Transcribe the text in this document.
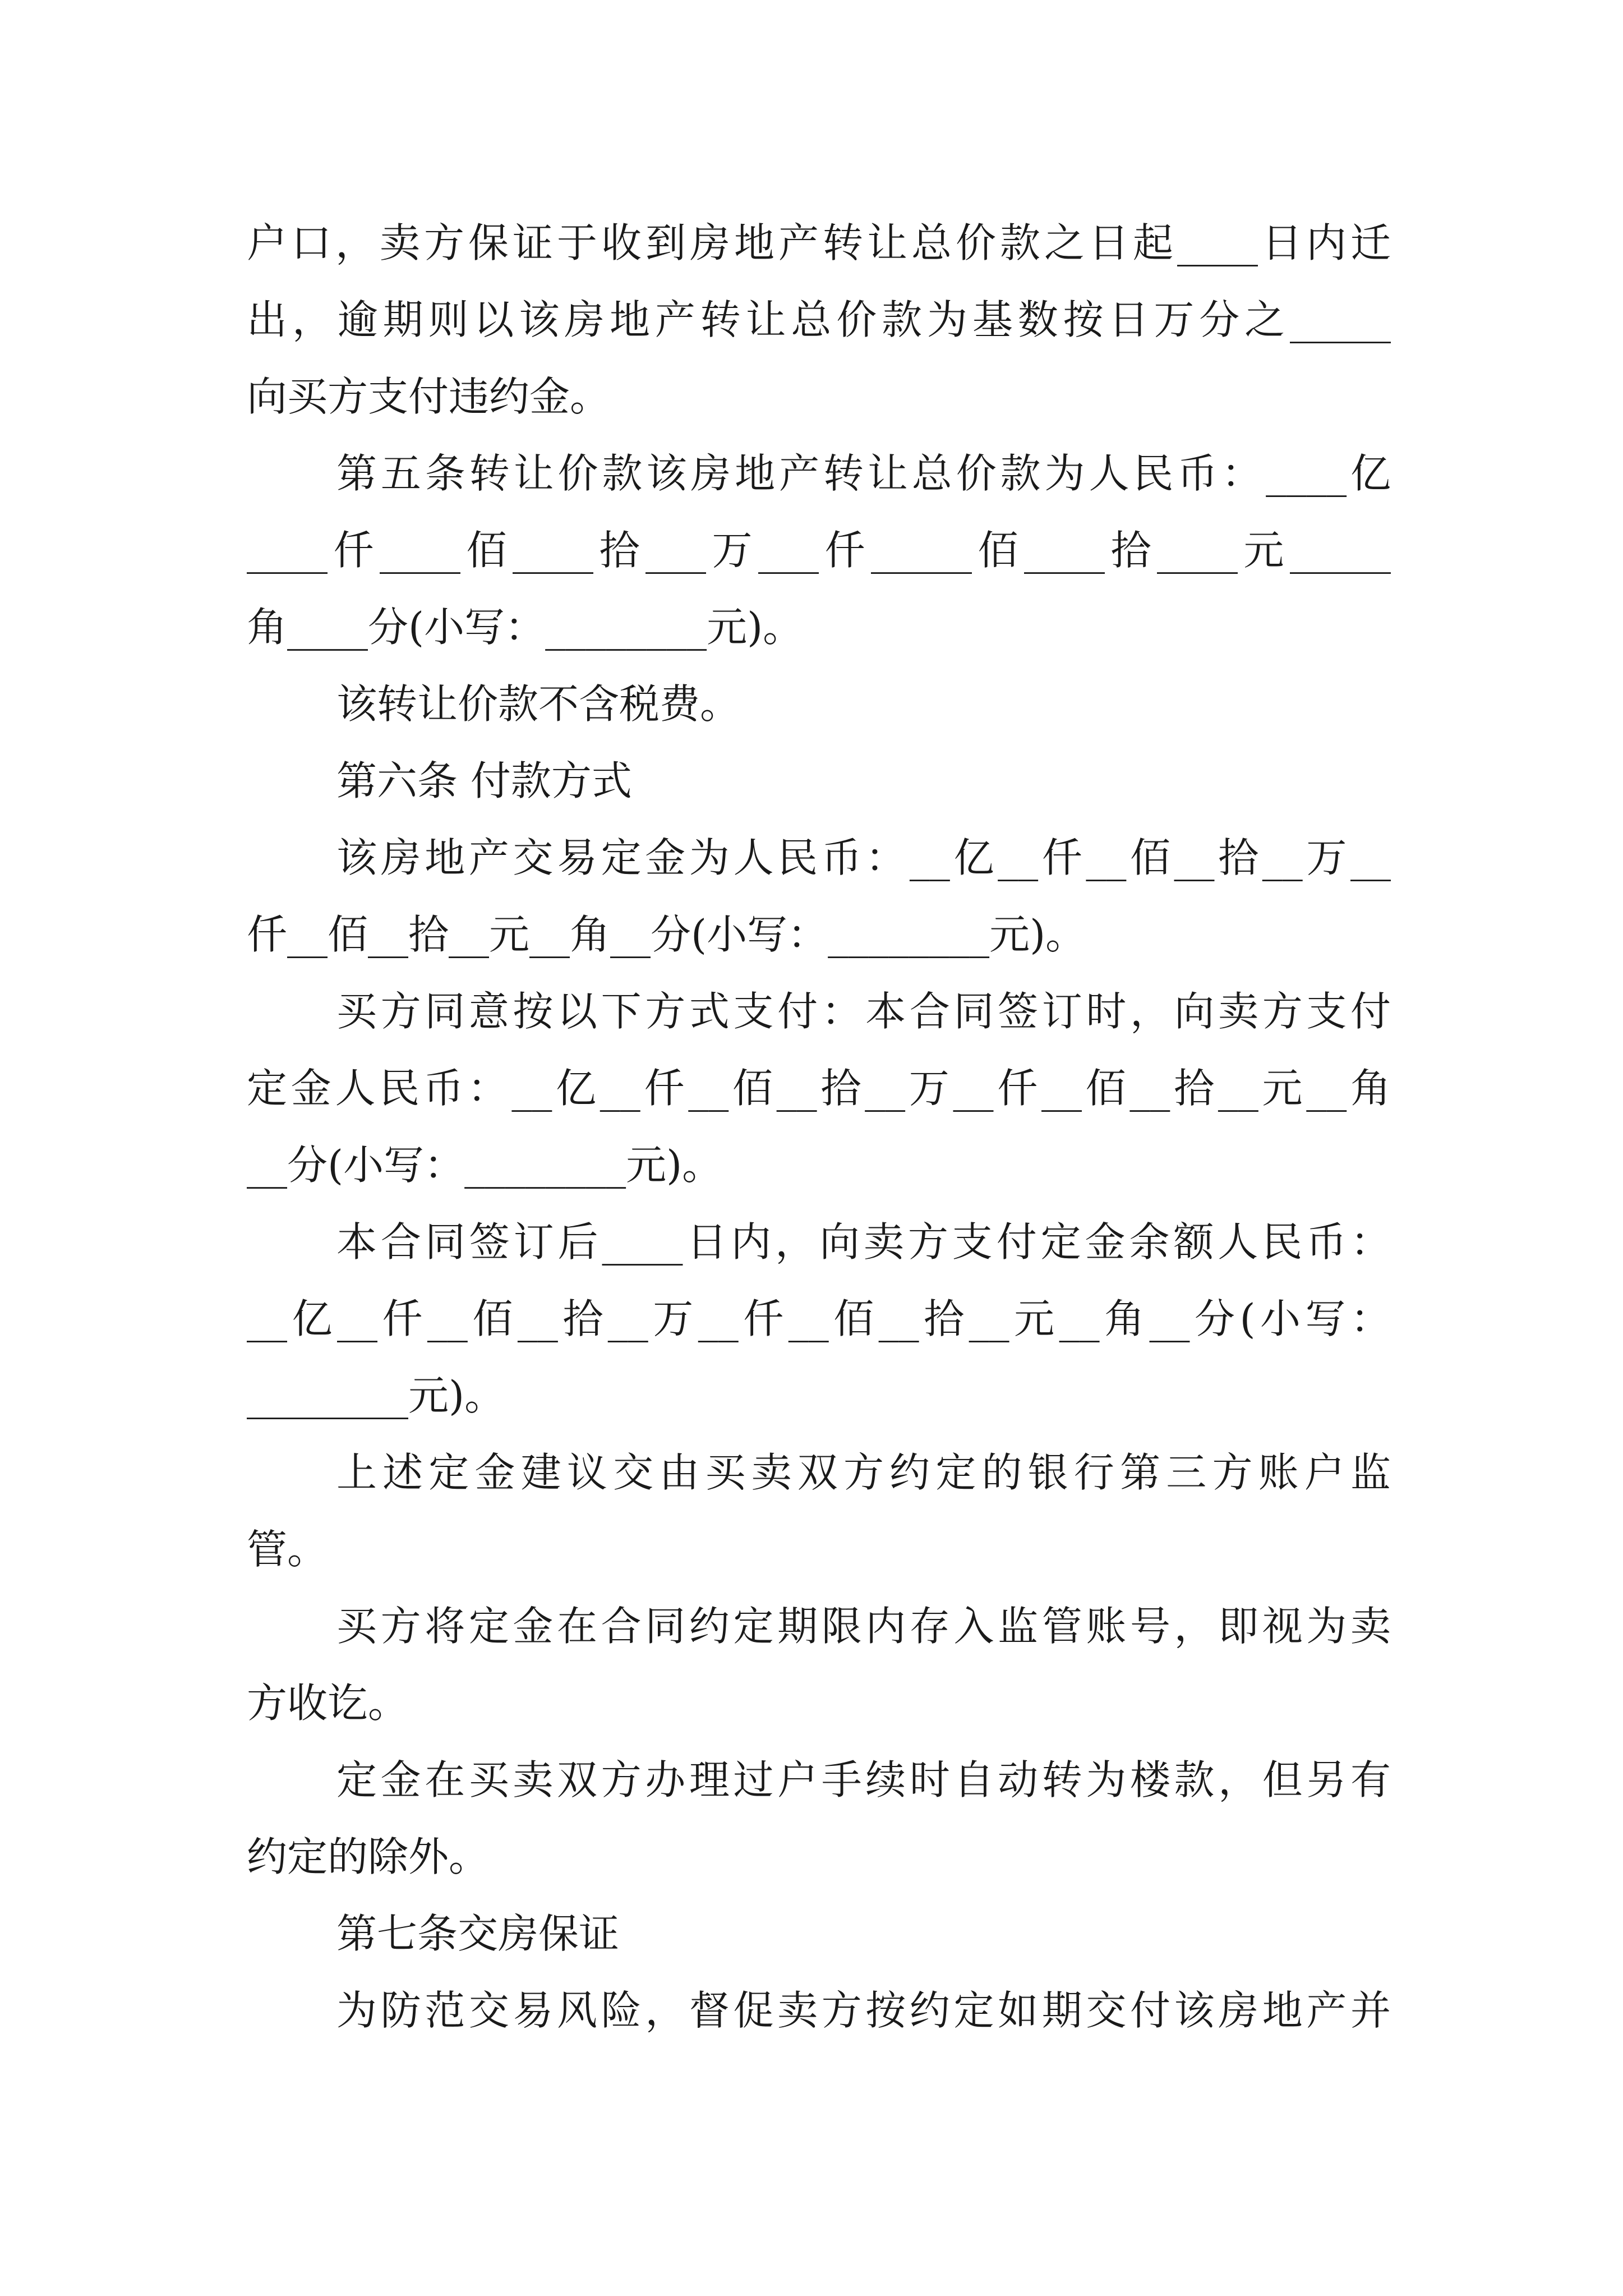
户口，卖方保证于收到房地产转让总价款之日起____日内迁
出，逾期则以该房地产转让总价款为基数按日万分之_____
向买方支付违约金。
第五条转让价款该房地产转让总价款为人民币：____亿
____仟____佰____拾___万___仟_____佰____拾____元_____
角____分(小写：________元)。
该转让价款不含税费。
第六条 付款方式
该房地产交易定金为人民币：__亿__仟__佰__拾__万__
仟__佰__拾__元__角__分(小写：________元)。
买方同意按以下方式支付：本合同签订时，向卖方支付
定金人民币：__亿__仟__佰__拾__万__仟__佰__拾__元__角
__分(小写：________元)。
本合同签订后____日内，向卖方支付定金余额人民币：
__亿__仟__佰__拾__万__仟__佰__拾__元__角__分(小写：
________元)。
上述定金建议交由买卖双方约定的银行第三方账户监
管。
买方将定金在合同约定期限内存入监管账号，即视为卖
方收讫。
定金在买卖双方办理过户手续时自动转为楼款，但另有
约定的除外。
第七条交房保证
为防范交易风险，督促卖方按约定如期交付该房地产并
